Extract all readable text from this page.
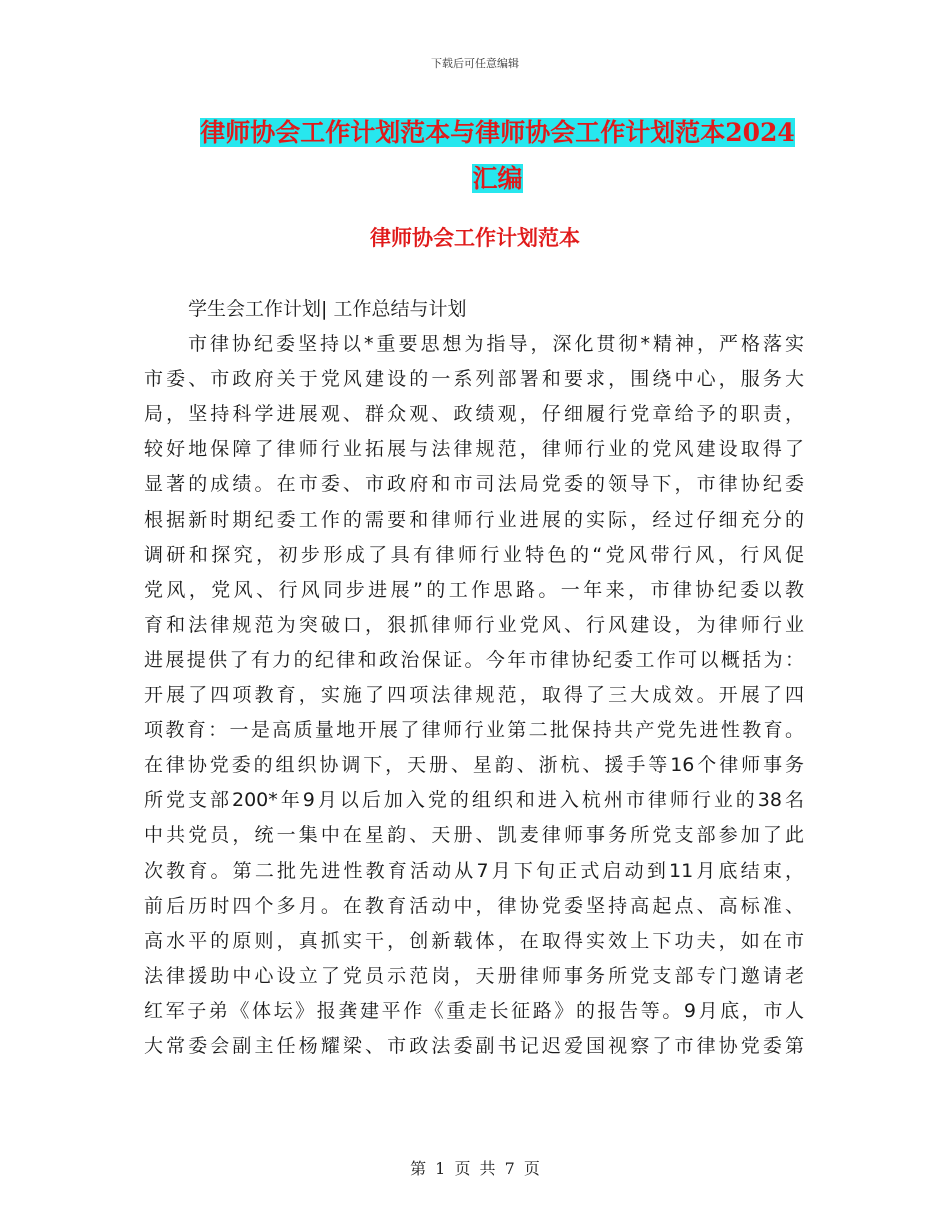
下载后可任意编辑
律师协会工作计划范本与律师协会工作计划范本2024
汇编
律师协会工作计划范本
学生会工作计划| 工作总结与计划
市律协纪委坚持以*重要思想为指导，深化贯彻*精神，严格落实
市委、市政府关于党风建设的一系列部署和要求，围绕中心，服务大
局，坚持科学进展观、群众观、政绩观，仔细履行党章给予的职责，
较好地保障了律师行业拓展与法律规范，律师行业的党风建设取得了
显著的成绩。在市委、市政府和市司法局党委的领导下，市律协纪委
根据新时期纪委工作的需要和律师行业进展的实际，经过仔细充分的
调研和探究，初步形成了具有律师行业特色的“党风带行风，行风促
党风，党风、行风同步进展”的工作思路。一年来，市律协纪委以教
育和法律规范为突破口，狠抓律师行业党风、行风建设，为律师行业
进展提供了有力的纪律和政治保证。今年市律协纪委工作可以概括为：
开展了四项教育，实施了四项法律规范，取得了三大成效。开展了四
项教育：一是高质量地开展了律师行业第二批保持共产党先进性教育。
在律协党委的组织协调下，天册、星韵、浙杭、援手等16个律师事务
所党支部200*年9月以后加入党的组织和进入杭州市律师行业的38名
中共党员，统一集中在星韵、天册、凯麦律师事务所党支部参加了此
次教育。第二批先进性教育活动从7月下旬正式启动到11月底结束，
前后历时四个多月。在教育活动中，律协党委坚持高起点、高标准、
高水平的原则，真抓实干，创新载体，在取得实效上下功夫，如在市
法律援助中心设立了党员示范岗，天册律师事务所党支部专门邀请老
红军子弟《体坛》报龚建平作《重走长征路》的报告等。9月底，市人
大常委会副主任杨耀梁、市政法委副书记迟爱国视察了市律协党委第
第 1 页 共 7 页
